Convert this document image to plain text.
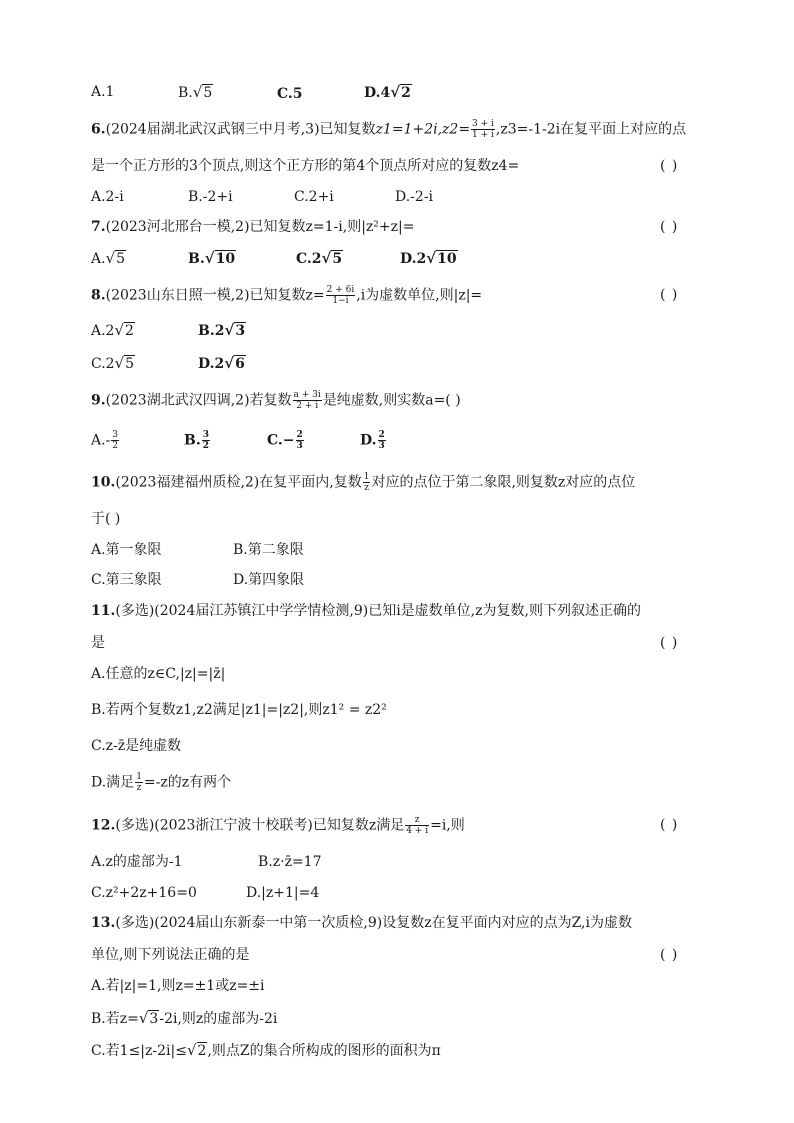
A.1	B.√5	C.5	D.4√2
6.(2024届湖北武汉武钢三中月考,3)已知复数$z1=1+2i,z2= \frac{3 + i}{1 + i} ,z3=-1-2i$在复平面上对应的点
是一个正方形的3个顶点,则这个正方形的第4个顶点所对应的复数z4=	( )
A.2-i	B.-2+i	C.2+i	D.-2-i
7.(2023河北邢台一模,2)已知复数z=1-i,则|z²+z|=	( )
A.√5	B.√10	C.2√5	D.2√10
8.(2023山东日照一模,2)已知复数$z= \frac{2 + 6i}{1-i} ,i$为虚数单位,则|z|=	( )
A.2√2	B.2√3
C.2√5	D.2√6
9.(2023湖北武汉四调,2)若复数 $\frac{a + 3i}{2 + i}$ 是纯虚数,则实数a=( )
$A.- \frac{3}{2}$	B. $\frac{3}{2}$	$C.- \frac{2}{3}$	D. $\frac{2}{3}$
10.(2023福建福州质检,2)在复平面内,复数 $\frac{1}{z}$ 对应的点位于第二象限,则复数z对应的点位
于( )
A.第一象限	B.第二象限
C.第三象限	D.第四象限
11.(多选)(2024届江苏镇江中学学情检测,9)已知i是虚数单位,z为复数,则下列叙述正确的
是	( )
A.任意的z∈C,|z|=|z̄|
B.若两个复数z1,z2满足|z1|=|z2|,则z1² = z2²
C.z-z̄是纯虚数
D.满足 $\frac{1}{z} =-z$的z有两个
12.(多选)(2023浙江宁波十校联考)已知复数z满足 $\frac{z}{4 + i} =i$,则	( )
A.z的虚部为-1	B.z·z̄=17
C.z²+2z+16=0	D.|z+1|=4
13.(多选)(2024届山东新泰一中第一次质检,9)设复数z在复平面内对应的点为Z,i为虚数
单位,则下列说法正确的是	( )
A.若|z|=1,则z=±1或z=±i
B.若z=√3-2i,则z的虚部为-2i
C.若1≤|z-2i|≤√2,则点Z的集合所构成的图形的面积为π
